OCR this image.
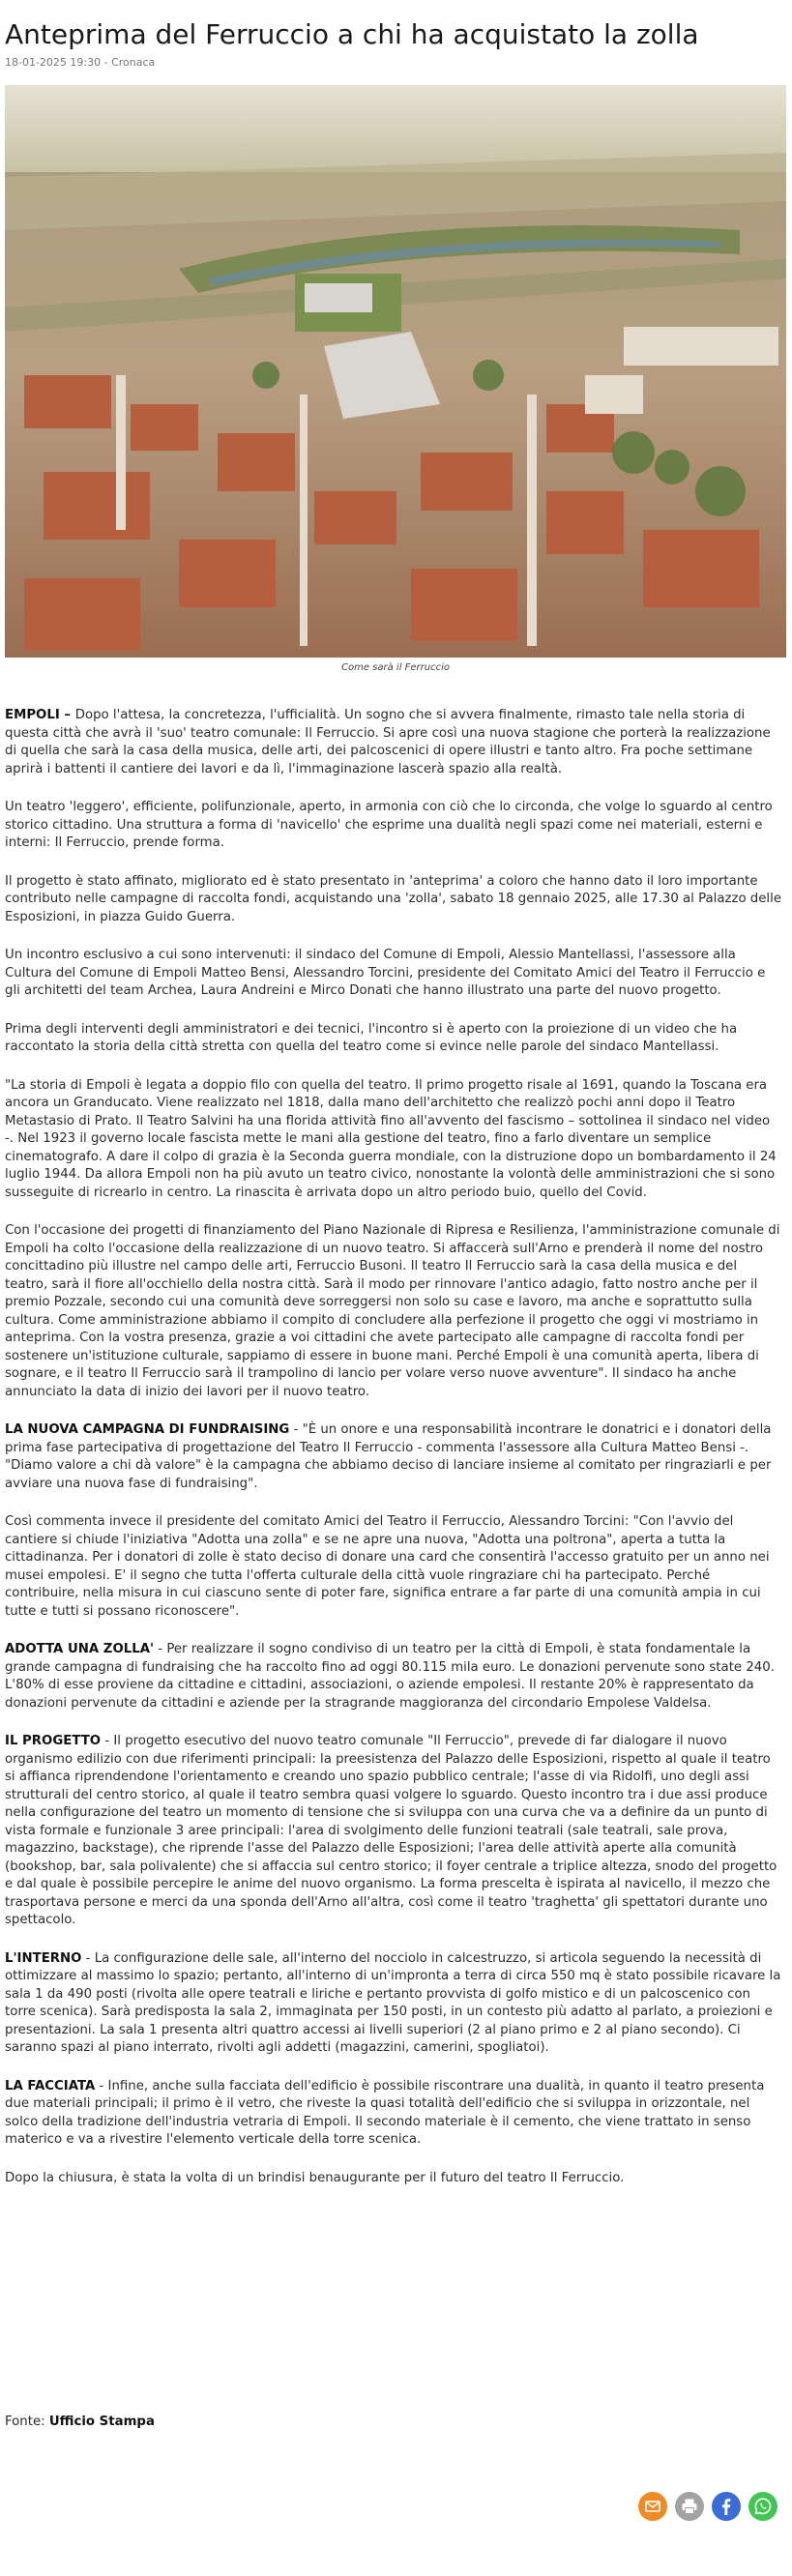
Anteprima del Ferruccio a chi ha acquistato la zolla
18-01-2025 19:30 - Cronaca
Come sarà il Ferruccio

EMPOLI – Dopo l'attesa, la concretezza, l'ufficialità. Un sogno che si avvera finalmente, rimasto tale nella storia di questa città che avrà il 'suo' teatro comunale: Il Ferruccio. Si apre così una nuova stagione che porterà la realizzazione di quella che sarà la casa della musica, delle arti, dei palcoscenici di opere illustri e tanto altro. Fra poche settimane aprirà i battenti il cantiere dei lavori e da lì, l'immaginazione lascerà spazio alla realtà.

Un teatro 'leggero', efficiente, polifunzionale, aperto, in armonia con ciò che lo circonda, che volge lo sguardo al centro storico cittadino. Una struttura a forma di 'navicello' che esprime una dualità negli spazi come nei materiali, esterni e interni: Il Ferruccio, prende forma.

Il progetto è stato affinato, migliorato ed è stato presentato in 'anteprima' a coloro che hanno dato il loro importante contributo nelle campagne di raccolta fondi, acquistando una 'zolla', sabato 18 gennaio 2025, alle 17.30 al Palazzo delle Esposizioni, in piazza Guido Guerra.

Un incontro esclusivo a cui sono intervenuti: il sindaco del Comune di Empoli, Alessio Mantellassi, l'assessore alla Cultura del Comune di Empoli Matteo Bensi, Alessandro Torcini, presidente del Comitato Amici del Teatro il Ferruccio e gli architetti del team Archea, Laura Andreini e Mirco Donati che hanno illustrato una parte del nuovo progetto.

Prima degli interventi degli amministratori e dei tecnici, l'incontro si è aperto con la proiezione di un video che ha raccontato la storia della città stretta con quella del teatro come si evince nelle parole del sindaco Mantellassi.

"La storia di Empoli è legata a doppio filo con quella del teatro. Il primo progetto risale al 1691, quando la Toscana era ancora un Granducato. Viene realizzato nel 1818, dalla mano dell'architetto che realizzò pochi anni dopo il Teatro Metastasio di Prato. Il Teatro Salvini ha una florida attività fino all'avvento del fascismo – sottolinea il sindaco nel video -. Nel 1923 il governo locale fascista mette le mani alla gestione del teatro, fino a farlo diventare un semplice cinematografo. A dare il colpo di grazia è la Seconda guerra mondiale, con la distruzione dopo un bombardamento il 24 luglio 1944. Da allora Empoli non ha più avuto un teatro civico, nonostante la volontà delle amministrazioni che si sono susseguite di ricrearlo in centro. La rinascita è arrivata dopo un altro periodo buio, quello del Covid.

Con l'occasione dei progetti di finanziamento del Piano Nazionale di Ripresa e Resilienza, l'amministrazione comunale di Empoli ha colto l'occasione della realizzazione di un nuovo teatro. Si affaccerà sull'Arno e prenderà il nome del nostro concittadino più illustre nel campo delle arti, Ferruccio Busoni. Il teatro Il Ferruccio sarà la casa della musica e del teatro, sarà il fiore all'occhiello della nostra città. Sarà il modo per rinnovare l'antico adagio, fatto nostro anche per il premio Pozzale, secondo cui una comunità deve sorreggersi non solo su case e lavoro, ma anche e soprattutto sulla cultura. Come amministrazione abbiamo il compito di concludere alla perfezione il progetto che oggi vi mostriamo in anteprima. Con la vostra presenza, grazie a voi cittadini che avete partecipato alle campagne di raccolta fondi per sostenere un'istituzione culturale, sappiamo di essere in buone mani. Perché Empoli è una comunità aperta, libera di sognare, e il teatro Il Ferruccio sarà il trampolino di lancio per volare verso nuove avventure". Il sindaco ha anche annunciato la data di inizio dei lavori per il nuovo teatro.

LA NUOVA CAMPAGNA DI FUNDRAISING - "È un onore e una responsabilità incontrare le donatrici e i donatori della prima fase partecipativa di progettazione del Teatro Il Ferruccio - commenta l'assessore alla Cultura Matteo Bensi -. "Diamo valore a chi dà valore" è la campagna che abbiamo deciso di lanciare insieme al comitato per ringraziarli e per avviare una nuova fase di fundraising".

Così commenta invece il presidente del comitato Amici del Teatro il Ferruccio, Alessandro Torcini: "Con l'avvio del cantiere si chiude l'iniziativa "Adotta una zolla" e se ne apre una nuova, "Adotta una poltrona", aperta a tutta la cittadinanza. Per i donatori di zolle è stato deciso di donare una card che consentirà l'accesso gratuito per un anno nei musei empolesi. E' il segno che tutta l'offerta culturale della città vuole ringraziare chi ha partecipato. Perché contribuire, nella misura in cui ciascuno sente di poter fare, significa entrare a far parte di una comunità ampia in cui tutte e tutti si possano riconoscere".

ADOTTA UNA ZOLLA' - Per realizzare il sogno condiviso di un teatro per la città di Empoli, è stata fondamentale la grande campagna di fundraising che ha raccolto fino ad oggi 80.115 mila euro. Le donazioni pervenute sono state 240. L'80% di esse proviene da cittadine e cittadini, associazioni, o aziende empolesi. Il restante 20% è rappresentato da donazioni pervenute da cittadini e aziende per la stragrande maggioranza del circondario Empolese Valdelsa.

IL PROGETTO - Il progetto esecutivo del nuovo teatro comunale "Il Ferruccio", prevede di far dialogare il nuovo organismo edilizio con due riferimenti principali: la preesistenza del Palazzo delle Esposizioni, rispetto al quale il teatro si affianca riprendendone l'orientamento e creando uno spazio pubblico centrale; l'asse di via Ridolfi, uno degli assi strutturali del centro storico, al quale il teatro sembra quasi volgere lo sguardo. Questo incontro tra i due assi produce nella configurazione del teatro un momento di tensione che si sviluppa con una curva che va a definire da un punto di vista formale e funzionale 3 aree principali: l'area di svolgimento delle funzioni teatrali (sale teatrali, sale prova, magazzino, backstage), che riprende l'asse del Palazzo delle Esposizioni; l'area delle attività aperte alla comunità (bookshop, bar, sala polivalente) che si affaccia sul centro storico; il foyer centrale a triplice altezza, snodo del progetto e dal quale è possibile percepire le anime del nuovo organismo. La forma prescelta è ispirata al navicello, il mezzo che trasportava persone e merci da una sponda dell'Arno all'altra, così come il teatro 'traghetta' gli spettatori durante uno spettacolo.

L'INTERNO - La configurazione delle sale, all'interno del nocciolo in calcestruzzo, si articola seguendo la necessità di ottimizzare al massimo lo spazio; pertanto, all'interno di un'impronta a terra di circa 550 mq è stato possibile ricavare la sala 1 da 490 posti (rivolta alle opere teatrali e liriche e pertanto provvista di golfo mistico e di un palcoscenico con torre scenica). Sarà predisposta la sala 2, immaginata per 150 posti, in un contesto più adatto al parlato, a proiezioni e presentazioni. La sala 1 presenta altri quattro accessi ai livelli superiori (2 al piano primo e 2 al piano secondo). Ci saranno spazi al piano interrato, rivolti agli addetti (magazzini, camerini, spogliatoi).

LA FACCIATA - Infine, anche sulla facciata dell'edificio è possibile riscontrare una dualità, in quanto il teatro presenta due materiali principali; il primo è il vetro, che riveste la quasi totalità dell'edificio che si sviluppa in orizzontale, nel solco della tradizione dell'industria vetraria di Empoli. Il secondo materiale è il cemento, che viene trattato in senso materico e va a rivestire l'elemento verticale della torre scenica.

Dopo la chiusura, è stata la volta di un brindisi benaugurante per il futuro del teatro Il Ferruccio.

Fonte: Ufficio Stampa
